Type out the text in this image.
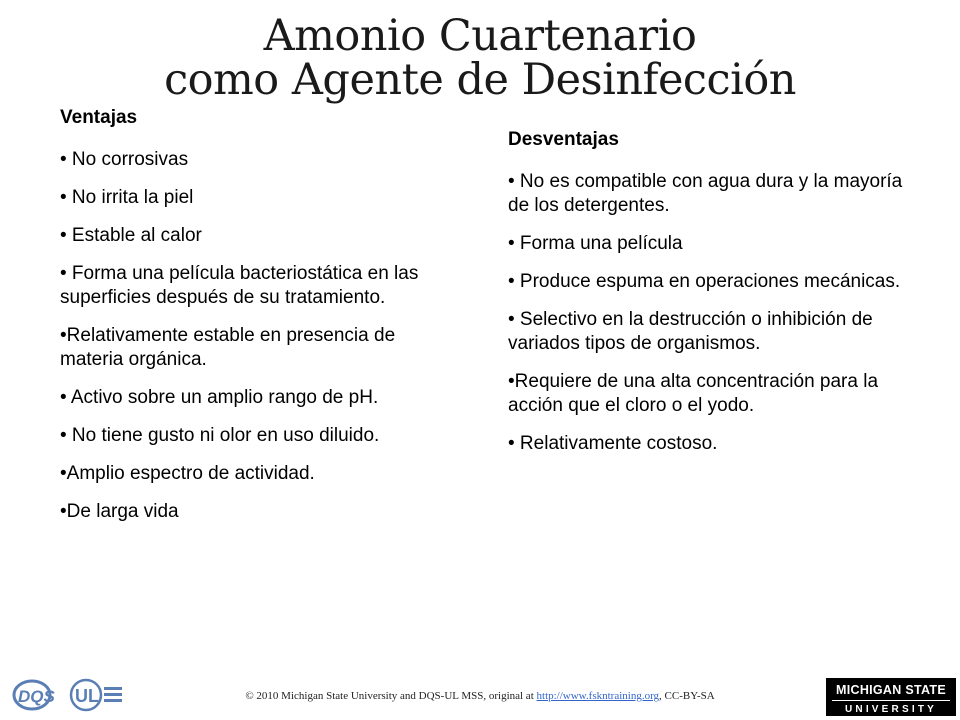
Amonio Cuartenario
como Agente de Desinfección
Ventajas

• No corrosivas

• No irrita la piel

• Estable al calor

• Forma una película bacteriostática en las superficies después de su tratamiento.

•Relativamente estable en presencia de materia orgánica.

• Activo sobre un amplio rango de pH.

• No tiene gusto ni olor en uso diluido.

•Amplio espectro de actividad.

•De larga vida

Desventajas

• No es compatible con agua dura y la mayoría de los detergentes.

• Forma una película

• Produce espuma en operaciones mecánicas.

• Selectivo en la destrucción o inhibición de variados tipos de organismos.

•Requiere de una alta concentración para la acción que el cloro o el yodo.

• Relativamente costoso.

DQS UL	© 2010 Michigan State University and DQS-UL MSS, original at http://www.fskntraining.org, CC-BY-SA	MICHIGAN STATE
UNIVERSITY
